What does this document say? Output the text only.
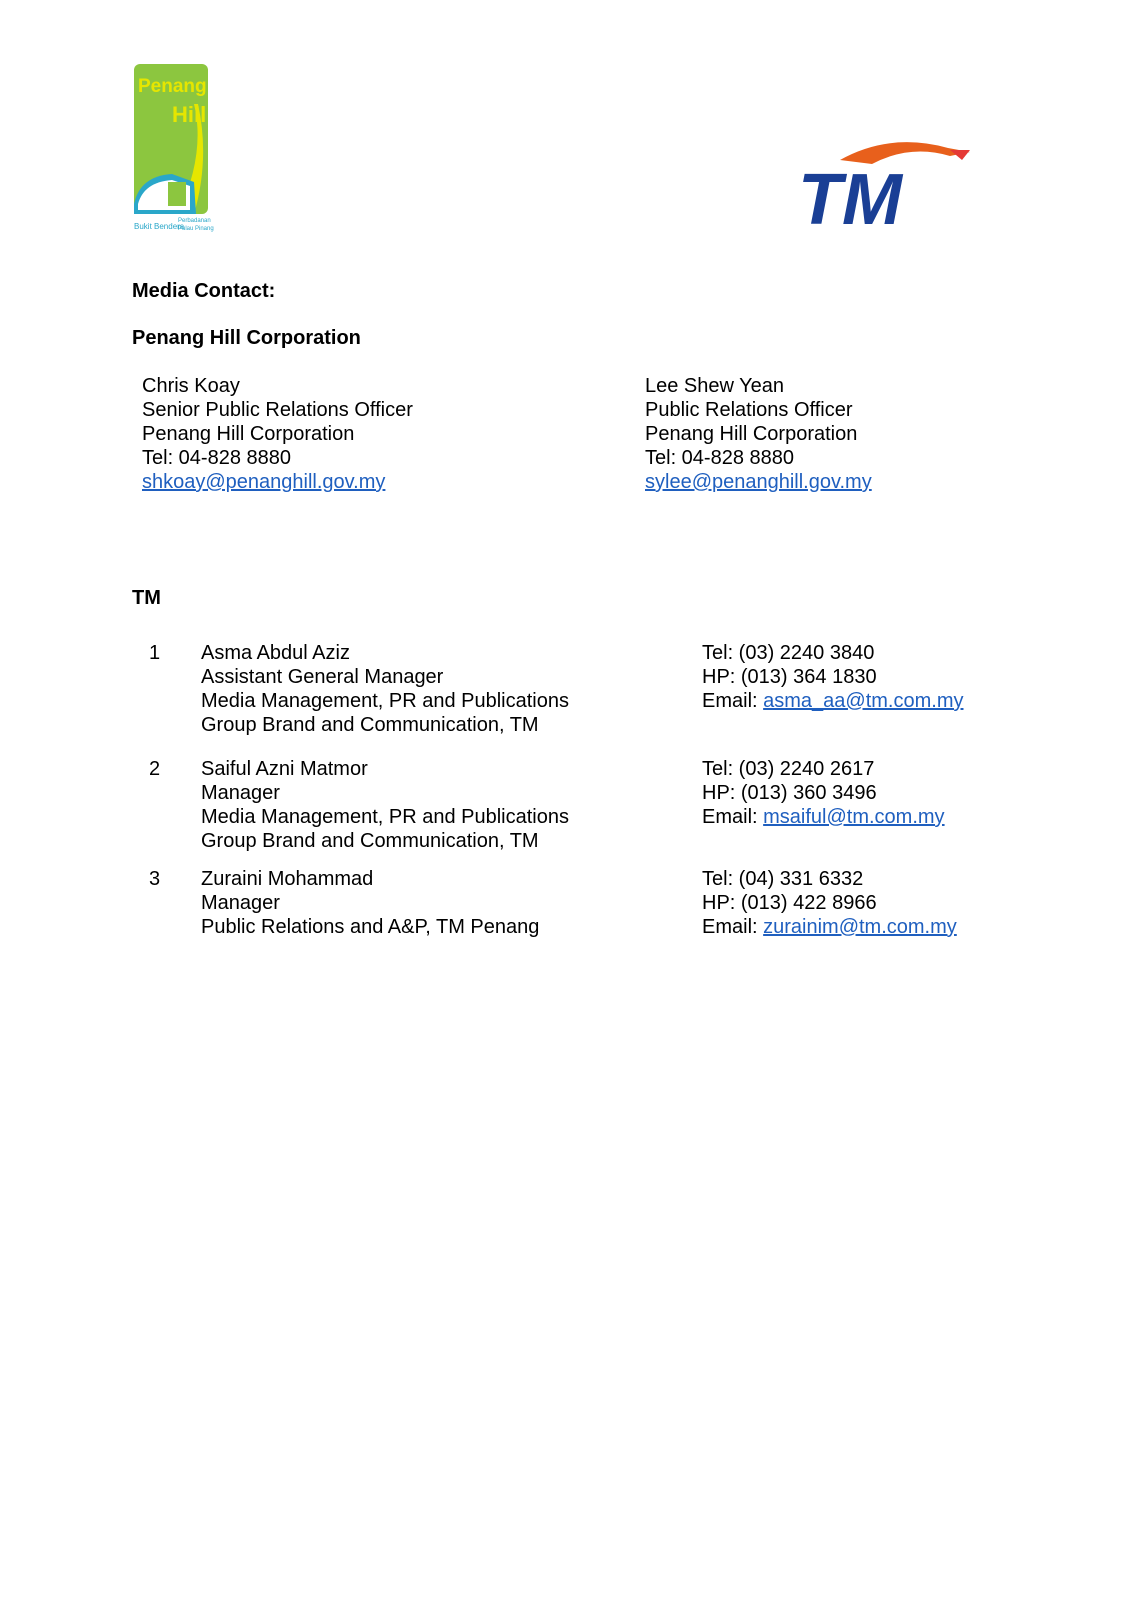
Penang
Hill
Bukit Bendera
Perbadanan
Pulau Pinang	TM
Media Contact:
Penang Hill Corporation
Chris Koay
Senior Public Relations Officer
Penang Hill Corporation
Tel: 04-828 8880
shkoay@penanghill.gov.my
Lee Shew Yean
Public Relations Officer
Penang Hill Corporation
Tel: 04-828 8880
sylee@penanghill.gov.my
TM
1 Asma Abdul Aziz
Assistant General Manager
Media Management, PR and Publications
Group Brand and Communication, TM
Tel: (03) 2240 3840
HP: (013) 364 1830
Email: asma_aa@tm.com.my
2 Saiful Azni Matmor
Manager
Media Management, PR and Publications
Group Brand and Communication, TM
Tel: (03) 2240 2617
HP: (013) 360 3496
Email: msaiful@tm.com.my
3 Zuraini Mohammad
Manager
Public Relations and A&P, TM Penang
Tel: (04) 331 6332
HP: (013) 422 8966
Email: zurainim@tm.com.my
